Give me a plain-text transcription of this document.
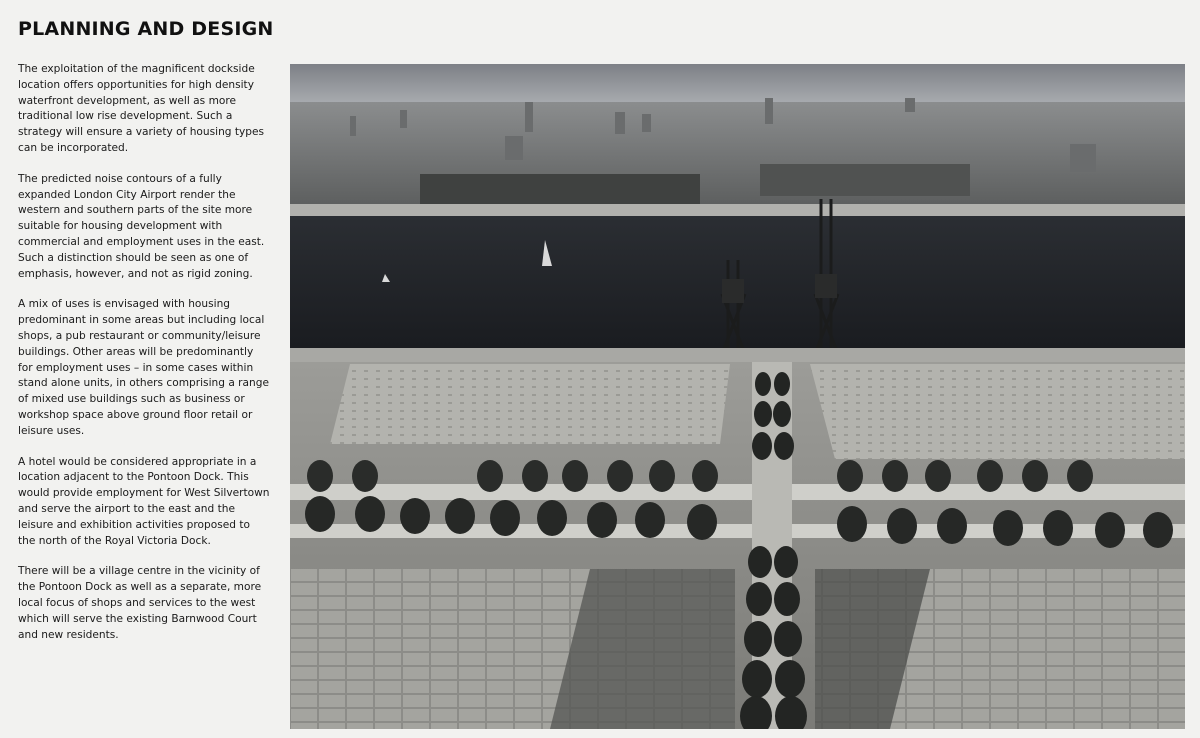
PLANNING AND DESIGN

The exploitation of the magnificent dockside location offers opportunities for high density waterfront development, as well as more traditional low rise development. Such a strategy will ensure a variety of housing types can be incorporated.

The predicted noise contours of a fully expanded London City Airport render the western and southern parts of the site more suitable for housing development with commercial and employment uses in the east. Such a distinction should be seen as one of emphasis, however, and not as rigid zoning.

A mix of uses is envisaged with housing predominant in some areas but including local shops, a pub restaurant or community/leisure buildings. Other areas will be predominantly for employment uses – in some cases within stand alone units, in others comprising a range of mixed use buildings such as business or workshop space above ground floor retail or leisure uses.

A hotel would be considered appropriate in a location adjacent to the Pontoon Dock. This would provide employment for West Silvertown and serve the airport to the east and the leisure and exhibition activities proposed to the north of the Royal Victoria Dock.

There will be a village centre in the vicinity of the Pontoon Dock as well as a separate, more local focus of shops and services to the west which will serve the existing Barnwood Court and new residents.
